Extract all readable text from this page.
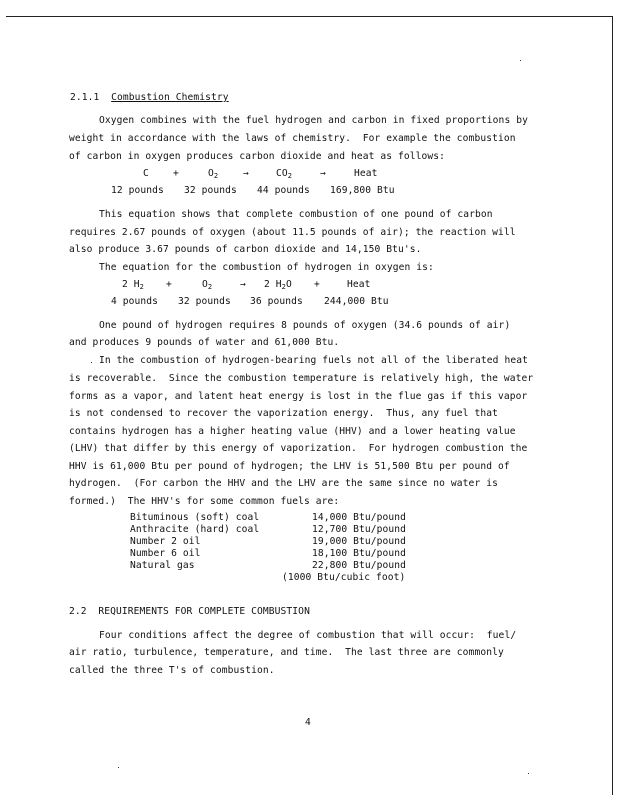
2.1.1 Combustion Chemistry
Oxygen combines with the fuel hydrogen and carbon in fixed proportions by
weight in accordance with the laws of chemistry.  For example the combustion
of carbon in oxygen produces carbon dioxide and heat as follows:
C	+	$O_2$	→	$CO_2$	→	Heat
12 pounds 32 pounds 44 pounds 169,800 Btu
This equation shows that complete combustion of one pound of carbon
requires 2.67 pounds of oxygen (about 11.5 pounds of air); the reaction will
also produce 3.67 pounds of carbon dioxide and 14,150 Btu's.
The equation for the combustion of hydrogen in oxygen is:
2 $H_2$ +	$O_2$	→ 2 $H_2O$ +	Heat
4 pounds 32 pounds 36 pounds 244,000 Btu
One pound of hydrogen requires 8 pounds of oxygen (34.6 pounds of air)
and produces 9 pounds of water and 61,000 Btu.
In the combustion of hydrogen-bearing fuels not all of the liberated heat
is recoverable.  Since the combustion temperature is relatively high, the water
forms as a vapor, and latent heat energy is lost in the flue gas if this vapor
is not condensed to recover the vaporization energy.  Thus, any fuel that
contains hydrogen has a higher heating value (HHV) and a lower heating value
(LHV) that differ by this energy of vaporization.  For hydrogen combustion the
HHV is 61,000 Btu per pound of hydrogen; the LHV is 51,500 Btu per pound of
hydrogen.  (For carbon the HHV and the LHV are the same since no water is
formed.)  The HHV's for some common fuels are:
Bituminous (soft) coal	14,000 Btu/pound
Anthracite (hard) coal	12,700 Btu/pound
Number 2 oil	19,000 Btu/pound
Number 6 oil	18,100 Btu/pound
Natural gas	22,800 Btu/pound
(1000 Btu/cubic foot)
2.2 REQUIREMENTS FOR COMPLETE COMBUSTION
Four conditions affect the degree of combustion that will occur:  fuel/
air ratio, turbulence, temperature, and time.  The last three are commonly
called the three T's of combustion.
4
